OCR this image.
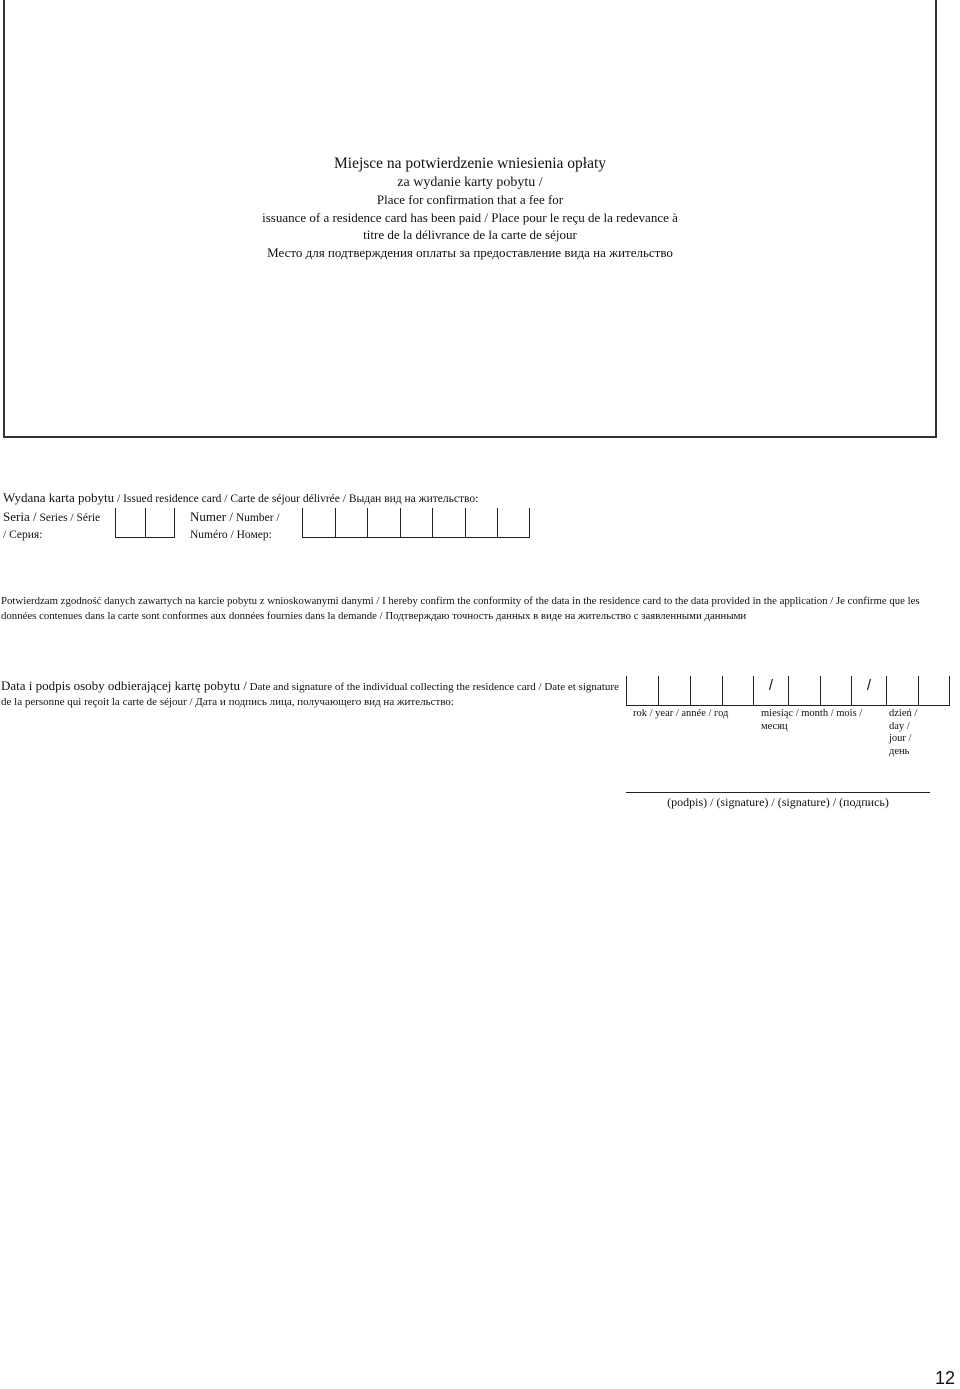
Miejsce na potwierdzenie wniesienia opłaty
za wydanie karty pobytu /
Place for confirmation that a fee for
issuance of a residence card has been paid / Place pour le reçu de la redevance à
titre de la délivrance de la carte de séjour
Место для подтверждения оплаты за предоставление вида на жительство
Wydana karta pobytu / Issued residence card / Carte de séjour délivrée / Выдан вид на жительство:
Seria / Series / Série
/ Серия:
Numer / Number /
Numéro / Номер:
Potwierdzam zgodność danych zawartych na karcie pobytu z wnioskowanymi danymi / I hereby confirm the conformity of the data in the residence card to the data provided in the application / Je confirme que les données contenues dans la carte sont conformes aux données fournies dans la demande / Подтверждаю точность данных в виде на жительство с заявленными данными
Data i podpis osoby odbierającej kartę pobytu / Date and signature of the individual collecting the residence card / Date et signature de la personne qui reçoit la carte de séjour / Дата и подпись лица, получающего вид на жительство:
/	/
rok / year / année / год	miesiąc / month / mois / месяц
dzień / day / jour / день
(podpis) / (signature) / (signature) / (подпись)
12
